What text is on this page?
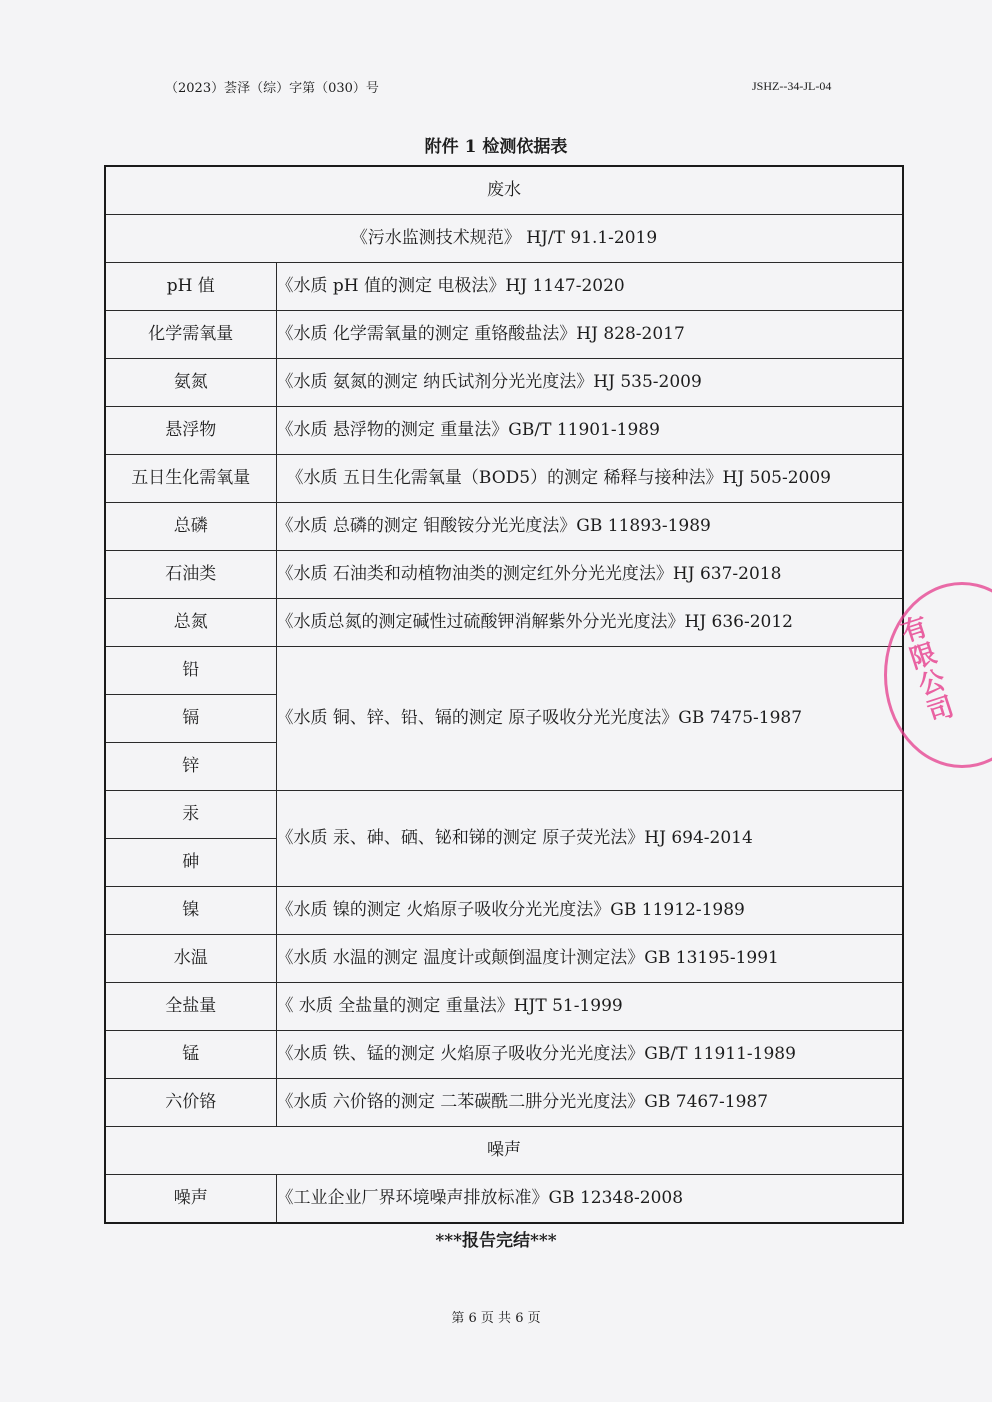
（2023）荟泽（综）字第（030）号	JSHZ--34-JL-04
附件 1 检测依据表
废水	
《污水监测技术规范》 HJ/T 91.1-2019	
pH 值	《水质 pH 值的测定 电极法》HJ 1147-2020
化学需氧量	《水质 化学需氧量的测定 重铬酸盐法》HJ 828-2017
氨氮	《水质 氨氮的测定 纳氏试剂分光光度法》HJ 535-2009
悬浮物	《水质 悬浮物的测定 重量法》GB/T 11901-1989
五日生化需氧量	《水质 五日生化需氧量（BOD5）的测定 稀释与接种法》HJ 505-2009
总磷	《水质 总磷的测定 钼酸铵分光光度法》GB 11893-1989
石油类	《水质 石油类和动植物油类的测定红外分光光度法》HJ 637-2018
总氮	《水质总氮的测定碱性过硫酸钾消解紫外分光光度法》HJ 636-2012
铅	《水质 铜、锌、铅、镉的测定 原子吸收分光光度法》GB 7475-1987
镉	
锌	
汞	《水质 汞、砷、硒、铋和锑的测定 原子荧光法》HJ 694-2014
砷	
镍	《水质 镍的测定 火焰原子吸收分光光度法》GB 11912-1989
水温	《水质 水温的测定 温度计或颠倒温度计测定法》GB 13195-1991
全盐量	《 水质 全盐量的测定 重量法》HJT 51-1999
锰	《水质 铁、锰的测定 火焰原子吸收分光光度法》GB/T 11911-1989
六价铬	《水质 六价铬的测定 二苯碳酰二肼分光光度法》GB 7467-1987
噪声	
噪声	《工业企业厂界环境噪声排放标准》GB 12348-2008
***报告完结***
第 6 页 共 6 页
有限公司
